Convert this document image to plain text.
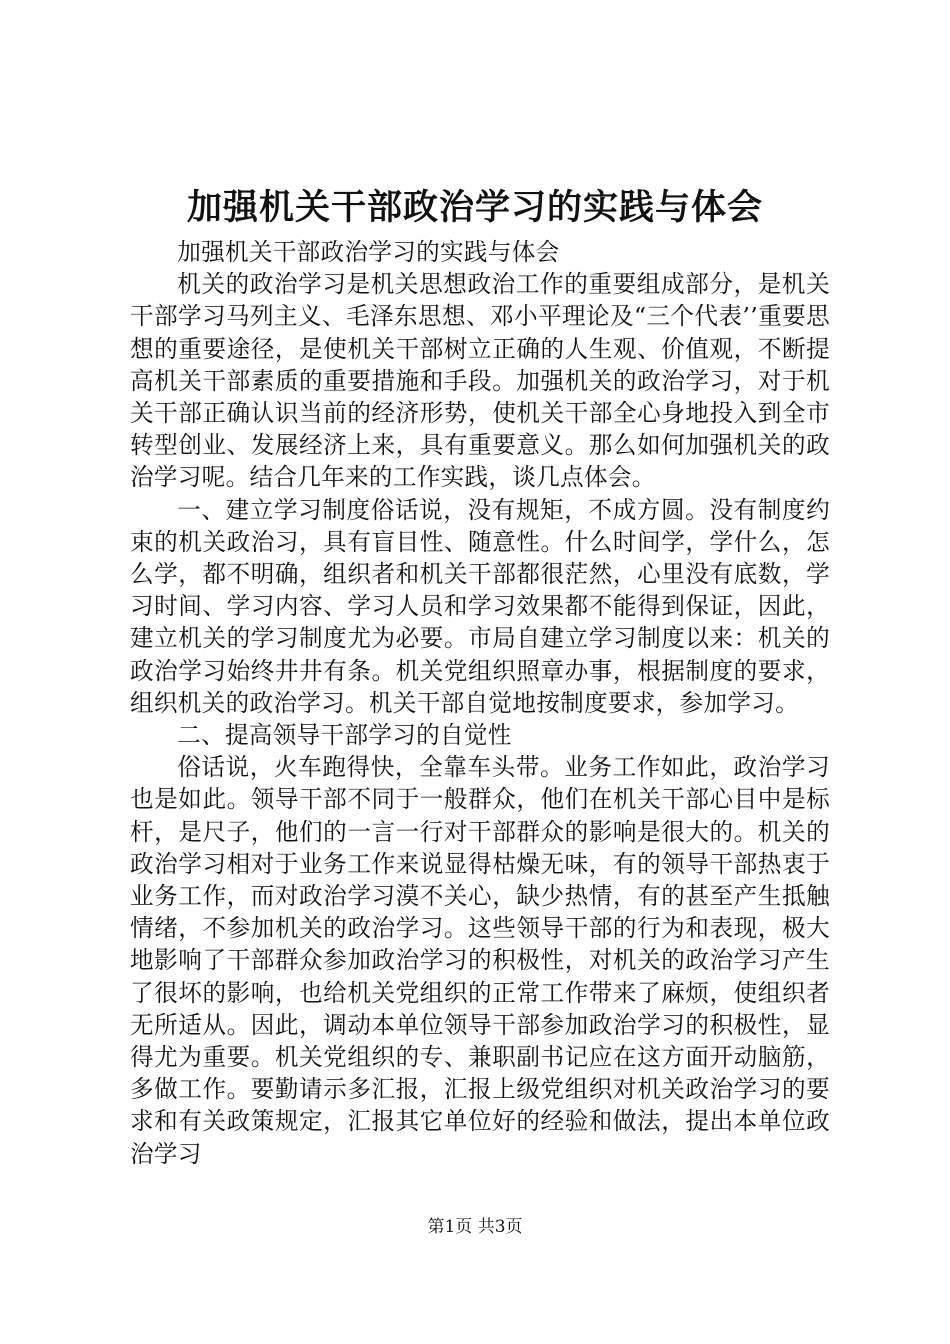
加强机关干部政治学习的实践与体会

加强机关干部政治学习的实践与体会

机关的政治学习是机关思想政治工作的重要组成部分，是机关干部学习马列主义、毛泽东思想、邓小平理论及“三个代表’’重要思想的重要途径，是使机关干部树立正确的人生观、价值观，不断提高机关干部素质的重要措施和手段。加强机关的政治学习，对于机关干部正确认识当前的经济形势，使机关干部全心身地投入到全市转型创业、发展经济上来，具有重要意义。那么如何加强机关的政治学习呢。结合几年来的工作实践，谈几点体会。

一、建立学习制度俗话说，没有规矩，不成方圆。没有制度约束的机关政治习，具有盲目性、随意性。什么时间学，学什么，怎么学，都不明确，组织者和机关干部都很茫然，心里没有底数，学习时间、学习内容、学习人员和学习效果都不能得到保证，因此，建立机关的学习制度尤为必要。市局自建立学习制度以来：机关的政治学习始终井井有条。机关党组织照章办事，根据制度的要求，组织机关的政治学习。机关干部自觉地按制度要求，参加学习。

二、提高领导干部学习的自觉性

俗话说，火车跑得快，全靠车头带。业务工作如此，政治学习也是如此。领导干部不同于一般群众，他们在机关干部心目中是标杆，是尺子，他们的一言一行对干部群众的影响是很大的。机关的政治学习相对于业务工作来说显得枯燥无味，有的领导干部热衷于业务工作，而对政治学习漠不关心，缺少热情，有的甚至产生抵触情绪，不参加机关的政治学习。这些领导干部的行为和表现，极大地影响了干部群众参加政治学习的积极性，对机关的政治学习产生了很坏的影响，也给机关党组织的正常工作带来了麻烦，使组织者无所适从。因此，调动本单位领导干部参加政治学习的积极性，显得尤为重要。机关党组织的专、兼职副书记应在这方面开动脑筋，多做工作。要勤请示多汇报，汇报上级党组织对机关政治学习的要求和有关政策规定，汇报其它单位好的经验和做法，提出本单位政治学习

第1页 共3页
